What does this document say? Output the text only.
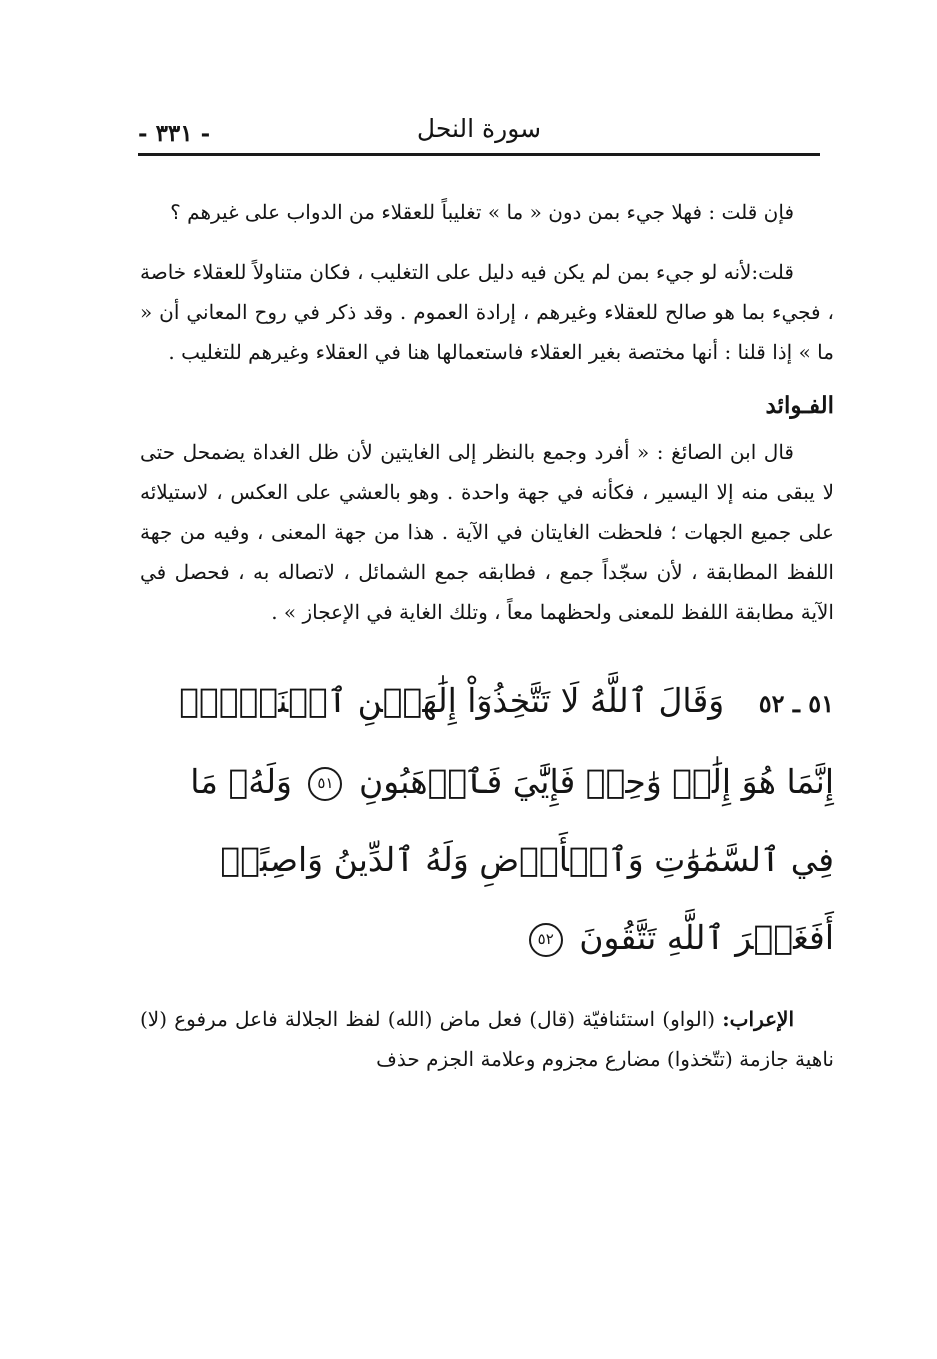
سورة النحل
- ٣٣١ -

فإن قلت : فهلا جيء بمن دون « ما » تغليباً للعقلاء من الدواب على غيرهم ؟

قلت:لأنه لو جيء بمن لم يكن فيه دليل على التغليب ، فكان متناولاً للعقلاء خاصة ، فجيء بما هو صالح للعقلاء وغيرهم ، إرادة العموم . وقد ذكر في روح المعاني أن « ما » إذا قلنا : أنها مختصة بغير العقلاء فاستعمالها هنا في العقلاء وغيرهم للتغليب .

الفـوائد

قال ابن الصائغ : « أفرد وجمع بالنظر إلى الغايتين لأن ظل الغداة يضمحل حتى لا يبقى منه إلا اليسير ، فكأنه في جهة واحدة . وهو بالعشي على العكس ، لاستيلائه على جميع الجهات ؛ فلحظت الغايتان في الآية . هذا من جهة المعنى ، وفيه من جهة اللفظ المطابقة ، لأن سجّداً جمع ، فطابقه جمع الشمائل ، لاتصاله به ، فحصل في الآية مطابقة اللفظ للمعنى ولحظهما معاً ، وتلك الغاية في الإعجاز » .

٥١ ـ ٥٢ وَقَالَ ٱللَّهُ لَا تَتَّخِذُوٓاْ إِلَٰهَيۡنِ ٱثۡنَيۡنِۖ إِنَّمَا هُوَ إِلَٰهٞ وَٰحِدٞ فَإِيَّٰيَ فَٱرۡهَبُونِ ٥١ وَلَهُۥ مَا فِي ٱلسَّمَٰوَٰتِ وَٱلۡأَرۡضِ وَلَهُ ٱلدِّينُ وَاصِبًاۚ أَفَغَيۡرَ ٱللَّهِ تَتَّقُونَ ٥٢

الإعراب: (الواو) استئنافيّة (قال) فعل ماض (الله) لفظ الجلالة فاعل مرفوع (لا) ناهية جازمة (تتّخذوا) مضارع مجزوم وعلامة الجزم حذف
